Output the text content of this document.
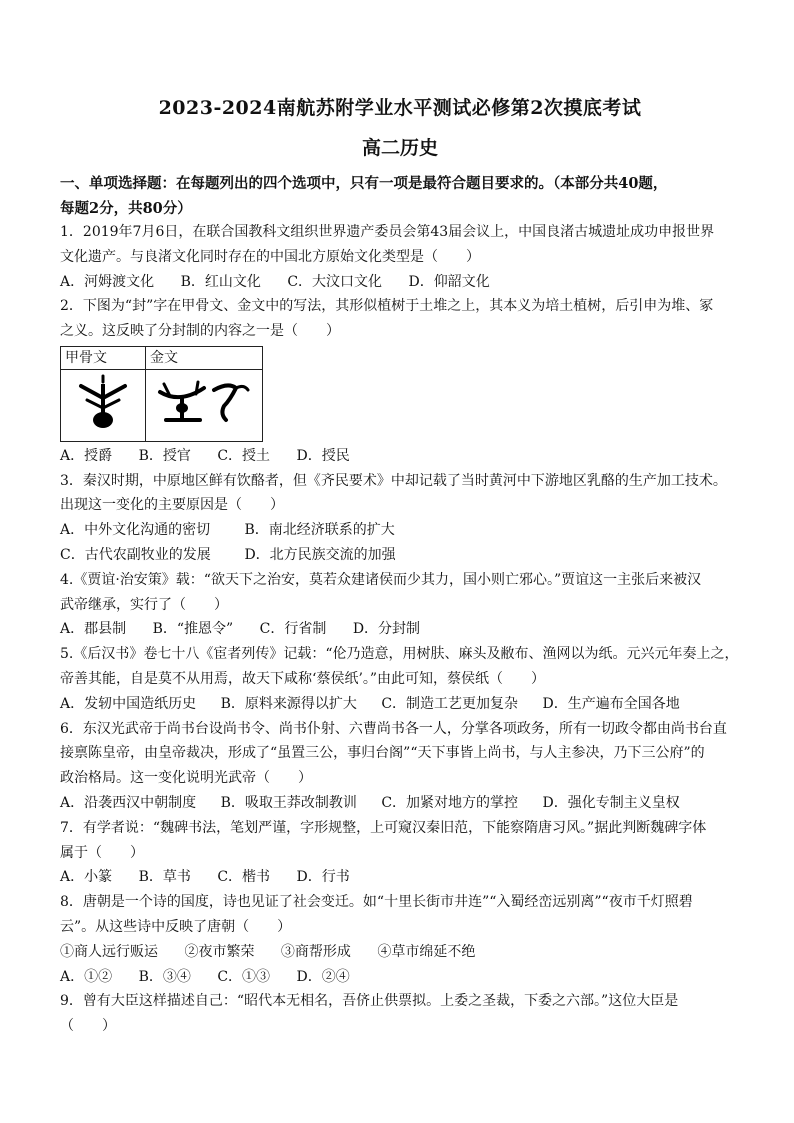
2023-2024南航苏附学业水平测试必修第2次摸底考试
高二历史
一、单项选择题：在每题列出的四个选项中，只有一项是最符合题目要求的。（本部分共40题，
每题2分，共80分）
1．2019年7月6日，在联合国教科文组织世界遗产委员会第43届会议上，中国良渚古城遗址成功申报世界
文化遗产。与良渚文化同时存在的中国北方原始文化类型是（　　）
A．河姆渡文化 B．红山文化 C．大汶口文化 D．仰韶文化
2．下图为“封”字在甲骨文、金文中的写法，其形似植树于土堆之上，其本义为培土植树，后引申为堆、冢
之义。这反映了分封制的内容之一是（　　）
甲骨文	金文

A．授爵 B．授官 C．授土 D．授民
3．秦汉时期，中原地区鲜有饮酪者，但《齐民要术》中却记载了当时黄河中下游地区乳酪的生产加工技术。
出现这一变化的主要原因是（　　）
A．中外文化沟通的密切 B．南北经济联系的扩大
C．古代农副牧业的发展 D．北方民族交流的加强
4.《贾谊·治安策》载：“欲天下之治安，莫若众建诸侯而少其力，国小则亡邪心。”贾谊这一主张后来被汉
武帝继承，实行了（　　）
A．郡县制 B．“推恩令” C．行省制 D．分封制
5.《后汉书》卷七十八《宦者列传》记载：“伦乃造意，用树肤、麻头及敝布、渔网以为纸。元兴元年奏上之，
帝善其能，自是莫不从用焉，故天下咸称‘蔡侯纸’。”由此可知，蔡侯纸（　　）
A．发轫中国造纸历史 B．原料来源得以扩大 C．制造工艺更加复杂 D．生产遍布全国各地
6．东汉光武帝于尚书台设尚书令、尚书仆射、六曹尚书各一人，分掌各项政务，所有一切政令都由尚书台直
接禀陈皇帝，由皇帝裁决，形成了“虽置三公，事归台阁”“天下事皆上尚书，与人主参决，乃下三公府”的
政治格局。这一变化说明光武帝（　　）
A．沿袭西汉中朝制度 B．吸取王莽改制教训 C．加紧对地方的掌控 D．强化专制主义皇权
7．有学者说：“魏碑书法，笔划严谨，字形规整，上可窥汉秦旧范，下能察隋唐习风。”据此判断魏碑字体
属于（　　）
A．小篆 B．草书 C．楷书 D．行书
8．唐朝是一个诗的国度，诗也见证了社会变迁。如“十里长街市井连”“入蜀经峦远别离”“夜市千灯照碧
云”。从这些诗中反映了唐朝（　　）
①商人远行贩运 ②夜市繁荣 ③商帮形成 ④草市绵延不绝
A．①② B．③④ C．①③ D．②④
9．曾有大臣这样描述自己：“昭代本无相名，吾侪止供票拟。上委之圣裁，下委之六部。”这位大臣是
（　　）
